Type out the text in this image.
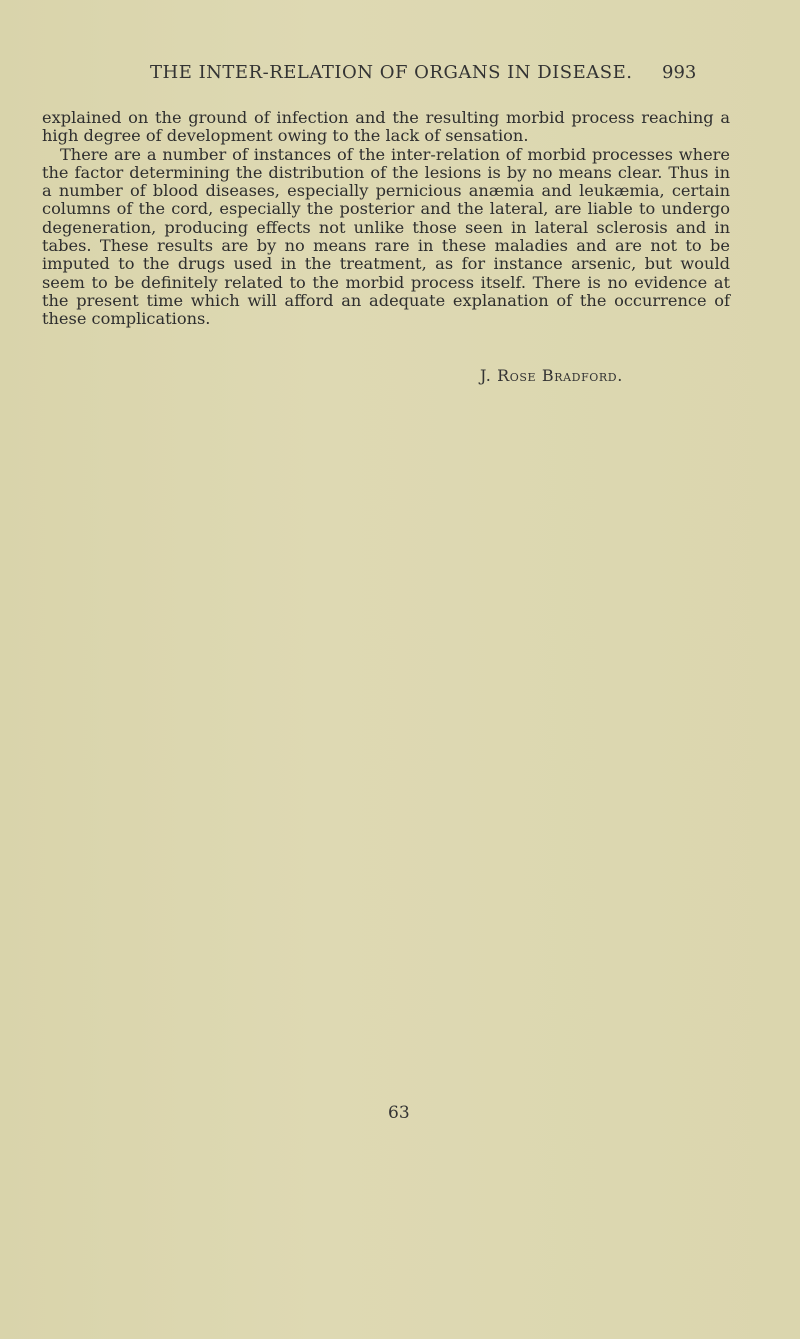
THE INTER-RELATION OF ORGANS IN DISEASE. 993

explained on the ground of infection and the resulting morbid process reaching a high degree of development owing to the lack of sensation.

There are a number of instances of the inter-relation of morbid processes where the factor determining the distribution of the lesions is by no means clear. Thus in a number of blood diseases, especially pernicious anæmia and leukæmia, certain columns of the cord, especially the posterior and the lateral, are liable to undergo degeneration, producing effects not unlike those seen in lateral sclerosis and in tabes. These results are by no means rare in these maladies and are not to be imputed to the drugs used in the treatment, as for instance arsenic, but would seem to be definitely related to the morbid process itself. There is no evidence at the present time which will afford an adequate explanation of the occurrence of these complications.

J. Rose Bradford.
63
